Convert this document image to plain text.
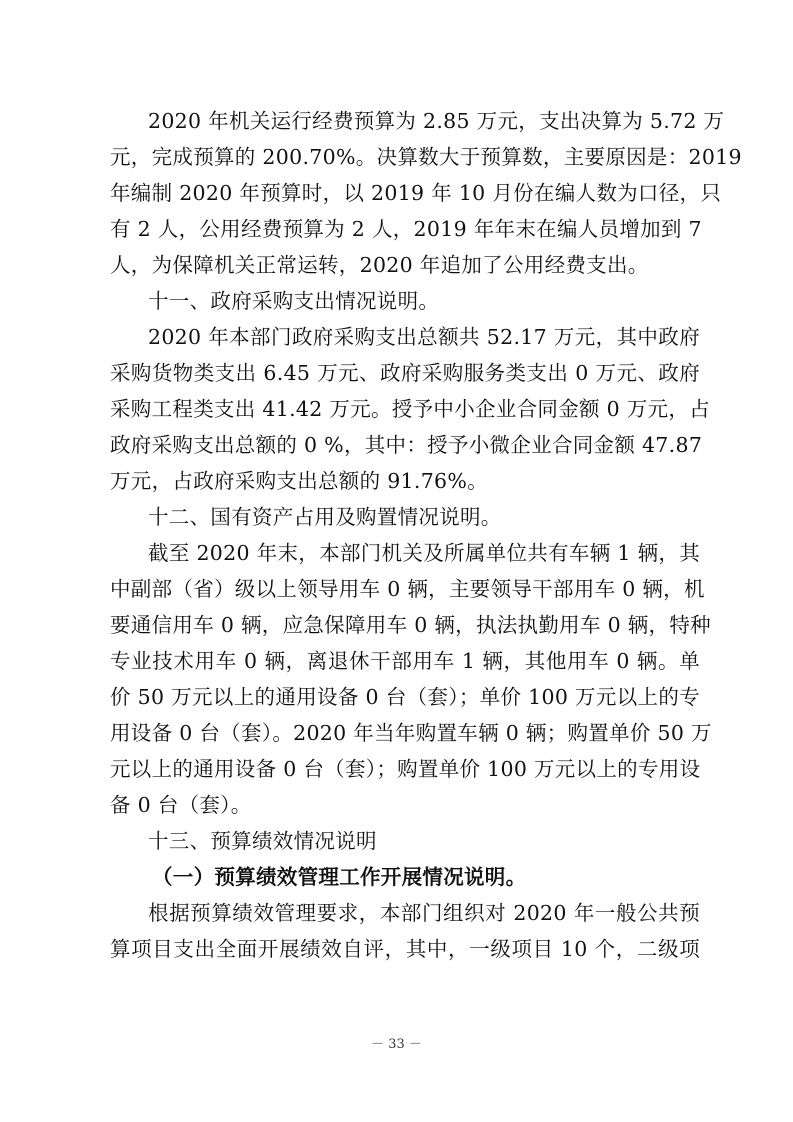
2020 年机关运行经费预算为 2.85 万元，支出决算为 5.72 万
元，完成预算的 200.70%。决算数大于预算数，主要原因是：2019
年编制 2020 年预算时，以 2019 年 10 月份在编人数为口径，只
有 2 人，公用经费预算为 2 人，2019 年年末在编人员增加到 7
人，为保障机关正常运转，2020 年追加了公用经费支出。
十一、政府采购支出情况说明。
2020 年本部门政府采购支出总额共 52.17 万元，其中政府
采购货物类支出 6.45 万元、政府采购服务类支出 0 万元、政府
采购工程类支出 41.42 万元。授予中小企业合同金额 0 万元，占
政府采购支出总额的 0 %，其中：授予小微企业合同金额 47.87
万元，占政府采购支出总额的 91.76%。
十二、国有资产占用及购置情况说明。
截至 2020 年末，本部门机关及所属单位共有车辆 1 辆，其
中副部（省）级以上领导用车 0 辆，主要领导干部用车 0 辆，机
要通信用车 0 辆，应急保障用车 0 辆，执法执勤用车 0 辆，特种
专业技术用车 0 辆，离退休干部用车 1 辆，其他用车 0 辆。单
价 50 万元以上的通用设备 0 台（套）；单价 100 万元以上的专
用设备 0 台（套）。2020 年当年购置车辆 0 辆；购置单价 50 万
元以上的通用设备 0 台（套）；购置单价 100 万元以上的专用设
备 0 台（套）。
十三、预算绩效情况说明
（一）预算绩效管理工作开展情况说明。
根据预算绩效管理要求，本部门组织对 2020 年一般公共预
算项目支出全面开展绩效自评，其中，一级项目 10 个，二级项
－ 33 －
